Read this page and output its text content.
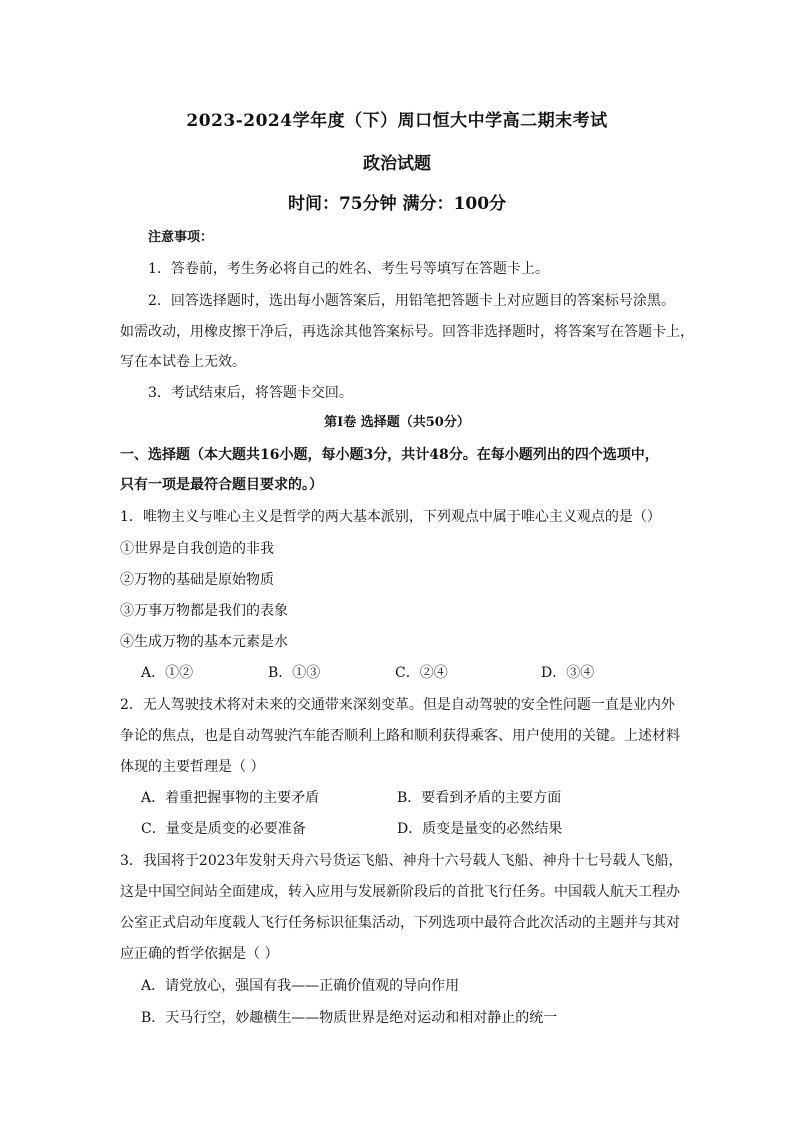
2023-2024学年度（下）周口恒大中学高二期末考试
政治试题
时间：75分钟 满分：100分
注意事项：
1．答卷前，考生务必将自己的姓名、考生号等填写在答题卡上。
2．回答选择题时，选出每小题答案后，用铅笔把答题卡上对应题目的答案标号涂黑。
如需改动，用橡皮擦干净后，再选涂其他答案标号。回答非选择题时，将答案写在答题卡上，
写在本试卷上无效。
3．考试结束后，将答题卡交回。
第Ⅰ卷 选择题（共50分）
一、选择题（本大题共16小题，每小题3分，共计48分。在每小题列出的四个选项中，
只有一项是最符合题目要求的。）
1．唯物主义与唯心主义是哲学的两大基本派别，下列观点中属于唯心主义观点的是（）
①世界是自我创造的非我
②万物的基础是原始物质
③万事万物都是我们的表象
④生成万物的基本元素是水
A．①②	B．①③	C．②④	D．③④
2．无人驾驶技术将对未来的交通带来深刻变革。但是自动驾驶的安全性问题一直是业内外
争论的焦点，也是自动驾驶汽车能否顺利上路和顺利获得乘客、用户使用的关键。上述材料
体现的主要哲理是（ ）
A．着重把握事物的主要矛盾	B．要看到矛盾的主要方面
C．量变是质变的必要准备	D．质变是量变的必然结果
3．我国将于2023年发射天舟六号货运飞船、神舟十六号载人飞船、神舟十七号载人飞船，
这是中国空间站全面建成，转入应用与发展新阶段后的首批飞行任务。中国载人航天工程办
公室正式启动年度载人飞行任务标识征集活动，下列选项中最符合此次活动的主题并与其对
应正确的哲学依据是（ ）
A．请党放心，强国有我——正确价值观的导向作用
B．天马行空，妙趣横生——物质世界是绝对运动和相对静止的统一
